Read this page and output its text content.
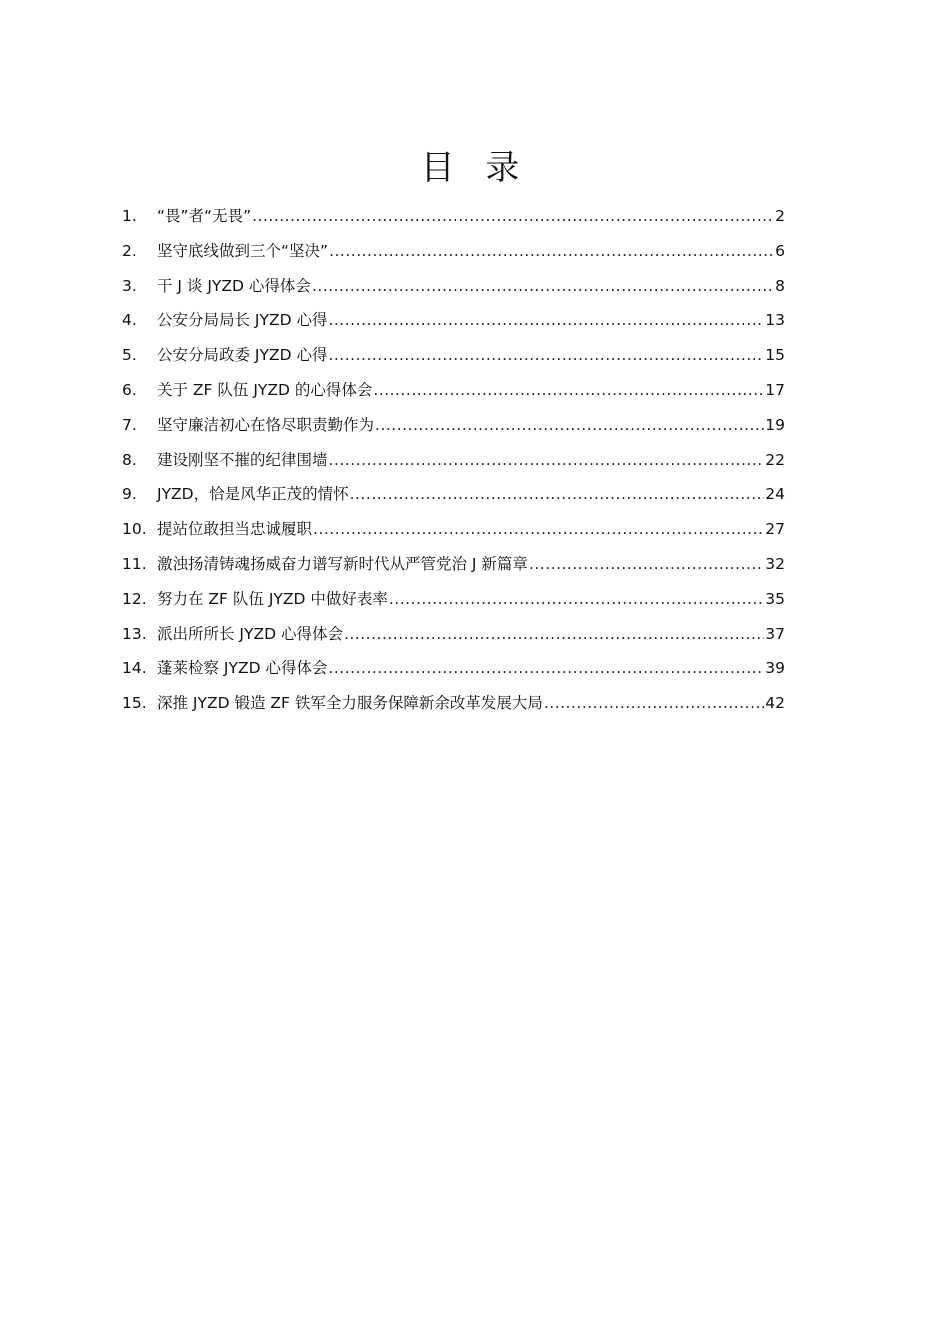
目 录
1.	“畏”者“无畏” .....	2
2.	坚守底线做到三个“坚决” .....	6
3.	干 J 谈 JYZD 心得体会 .....	8
4.	公安分局局长 JYZD 心得 .....	13
5.	公安分局政委 JYZD 心得 .....	15
6.	关于 ZF 队伍 JYZD 的心得体会 .....	17
7.	坚守廉洁初心在恪尽职责勤作为 .....	19
8.	建设刚坚不摧的纪律围墙 .....	22
9.	JYZD，恰是风华正茂的情怀 .....	24
10. 提站位敢担当忠诚履职 .....	27
11. 激浊扬清铸魂扬威奋力谱写新时代从严管党治 J 新篇章 .....	32
12. 努力在 ZF 队伍 JYZD 中做好表率 .....	35
13. 派出所所长 JYZD 心得体会 .....	37
14. 蓬莱检察 JYZD 心得体会 .....	39
15. 深推 JYZD 锻造 ZF 铁军全力服务保障新余改革发展大局 .....	42
